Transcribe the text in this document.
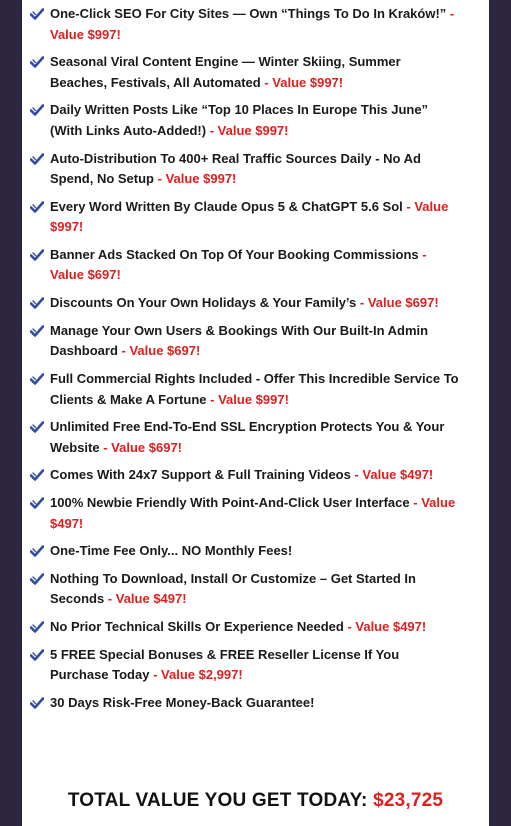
One-Click SEO For City Sites — Own “Things To Do In Kraków!” - Value $997!
Seasonal Viral Content Engine — Winter Skiing, Summer Beaches, Festivals, All Automated - Value $997!
Daily Written Posts Like “Top 10 Places In Europe This June” (With Links Auto-Added!) - Value $997!
Auto-Distribution To 400+ Real Traffic Sources Daily - No Ad Spend, No Setup - Value $997!
Every Word Written By Claude Opus 5 & ChatGPT 5.6 Sol - Value $997!
Banner Ads Stacked On Top Of Your Booking Commissions - Value $697!
Discounts On Your Own Holidays & Your Family’s - Value $697!
Manage Your Own Users & Bookings With Our Built-In Admin Dashboard - Value $697!
Full Commercial Rights Included - Offer This Incredible Service To Clients & Make A Fortune - Value $997!
Unlimited Free End-To-End SSL Encryption Protects You & Your Website - Value $697!
Comes With 24x7 Support & Full Training Videos - Value $497!
100% Newbie Friendly With Point-And-Click User Interface - Value $497!
One-Time Fee Only... NO Monthly Fees!
Nothing To Download, Install Or Customize – Get Started In Seconds - Value $497!
No Prior Technical Skills Or Experience Needed - Value $497!
5 FREE Special Bonuses & FREE Reseller License If You Purchase Today - Value $2,997!
30 Days Risk-Free Money-Back Guarantee!
TOTAL VALUE YOU GET TODAY: $23,725
